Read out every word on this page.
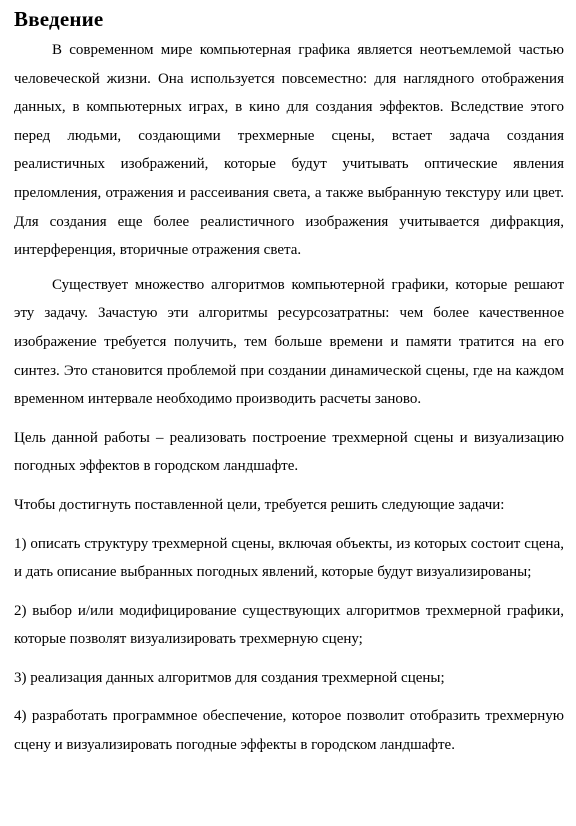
Введение

В современном мире компьютерная графика является неотъемлемой частью человеческой жизни. Она используется повсеместно: для наглядного отображения данных, в компьютерных играх, в кино для создания эффектов. Вследствие этого перед людьми, создающими трехмерные сцены, встает задача создания реалистичных изображений, которые будут учитывать оптические явления преломления, отражения и рассеивания света, а также выбранную текстуру или цвет. Для создания еще более реалистичного изображения учитывается дифракция, интерференция, вторичные отражения света.

Существует множество алгоритмов компьютерной графики, которые решают эту задачу. Зачастую эти алгоритмы ресурсозатратны: чем более качественное изображение требуется получить, тем больше времени и памяти тратится на его синтез. Это становится проблемой при создании динамической сцены, где на каждом временном интервале необходимо производить расчеты заново.

Цель данной работы – реализовать построение трехмерной сцены и визуализацию погодных эффектов в городском ландшафте.

Чтобы достигнуть поставленной цели, требуется решить следующие задачи:

1) описать структуру трехмерной сцены, включая объекты, из которых состоит сцена, и дать описание выбранных погодных явлений, которые будут визуализированы;

2) выбор и/или модифицирование существующих алгоритмов трехмерной графики, которые позволят визуализировать трехмерную сцену;

3) реализация данных алгоритмов для создания трехмерной сцены;

4) разработать программное обеспечение, которое позволит отобразить трехмерную сцену и визуализировать погодные эффекты в городском ландшафте.
